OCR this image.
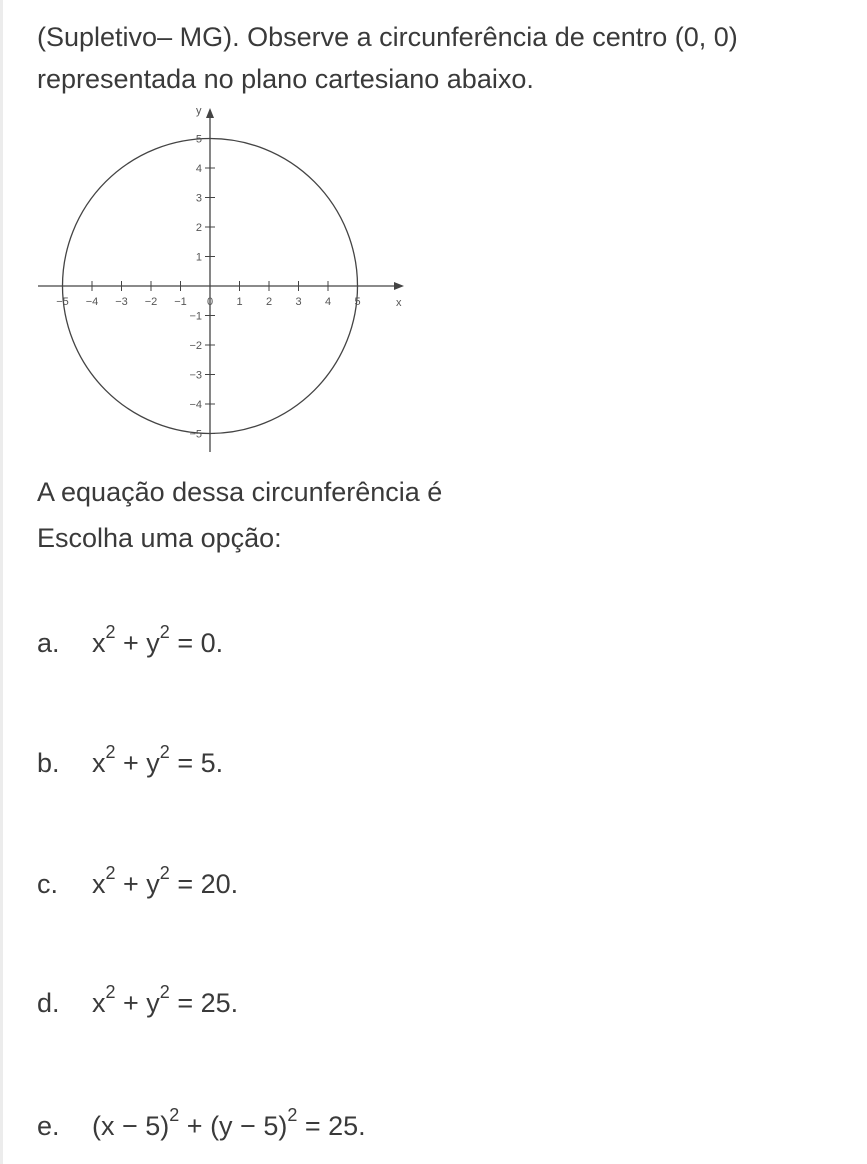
(Supletivo– MG). Observe a circunferência de centro (0, 0)
representada no plano cartesiano abaixo.
x
y
−5 −4 −3 −2 −1 0 1 2 3 4 5
5
4
3
2
1
−1
−2
−3
−4
−5
A equação dessa circunferência é
Escolha uma opção:
a.	$x^2 + y^2 = 0$.
b.	$x^2 + y^2 = 5$.
c.	$x^2 + y^2 = 20$.
d.	$x^2 + y^2 = 25$.
e.	$(x - 5)^2 + (y - 5)^2 = 25$.
